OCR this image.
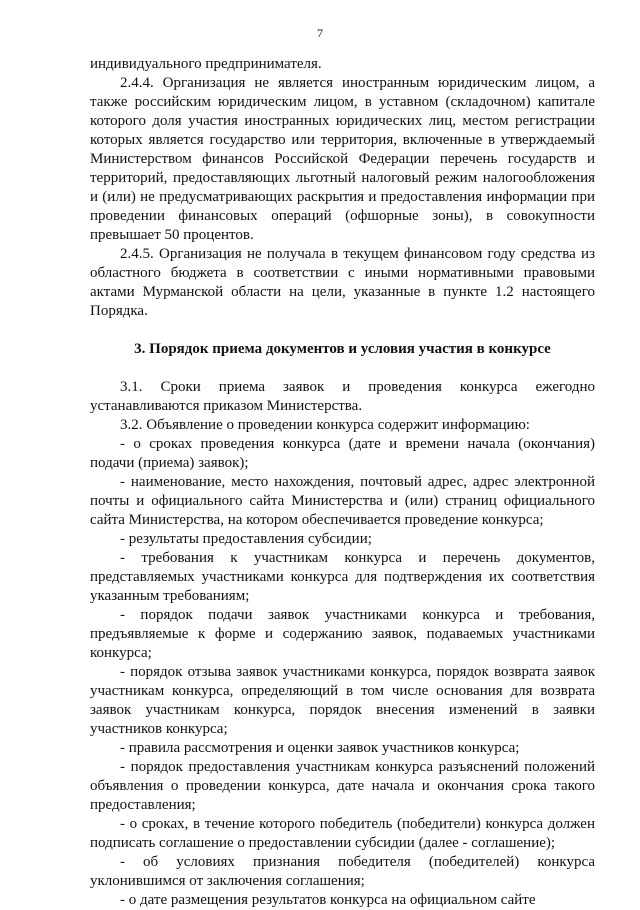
7

индивидуального предпринимателя.

2.4.4. Организация не является иностранным юридическим лицом, а также российским юридическим лицом, в уставном (складочном) капитале которого доля участия иностранных юридических лиц, местом регистрации которых является государство или территория, включенные в утверждаемый Министерством финансов Российской Федерации перечень государств и территорий, предоставляющих льготный налоговый режим налогообложения и (или) не предусматривающих раскрытия и предоставления информации при проведении финансовых операций (офшорные зоны), в совокупности превышает 50 процентов.

2.4.5. Организация не получала в текущем финансовом году средства из областного бюджета в соответствии с иными нормативными правовыми актами Мурманской области на цели, указанные в пункте 1.2 настоящего Порядка.

3. Порядок приема документов и условия участия в конкурсе

3.1. Сроки приема заявок и проведения конкурса ежегодно устанавливаются приказом Министерства.

3.2. Объявление о проведении конкурса содержит информацию:

- о сроках проведения конкурса (дате и времени начала (окончания) подачи (приема) заявок);

- наименование, место нахождения, почтовый адрес, адрес электронной почты и официального сайта Министерства и (или) страниц официального сайта Министерства, на котором обеспечивается проведение конкурса;

- результаты предоставления субсидии;

- требования к участникам конкурса и перечень документов, представляемых участниками конкурса для подтверждения их соответствия указанным требованиям;

- порядок подачи заявок участниками конкурса и требования, предъявляемые к форме и содержанию заявок, подаваемых участниками конкурса;

- порядок отзыва заявок участниками конкурса, порядок возврата заявок участникам конкурса, определяющий в том числе основания для возврата заявок участникам конкурса, порядок внесения изменений в заявки участников конкурса;

- правила рассмотрения и оценки заявок участников конкурса;

- порядок предоставления участникам конкурса разъяснений положений объявления о проведении конкурса, дате начала и окончания срока такого предоставления;

- о сроках, в течение которого победитель (победители) конкурса должен подписать соглашение о предоставлении субсидии (далее - соглашение);

- об условиях признания победителя (победителей) конкурса уклонившимся от заключения соглашения;

- о дате размещения результатов конкурса на официальном сайте
